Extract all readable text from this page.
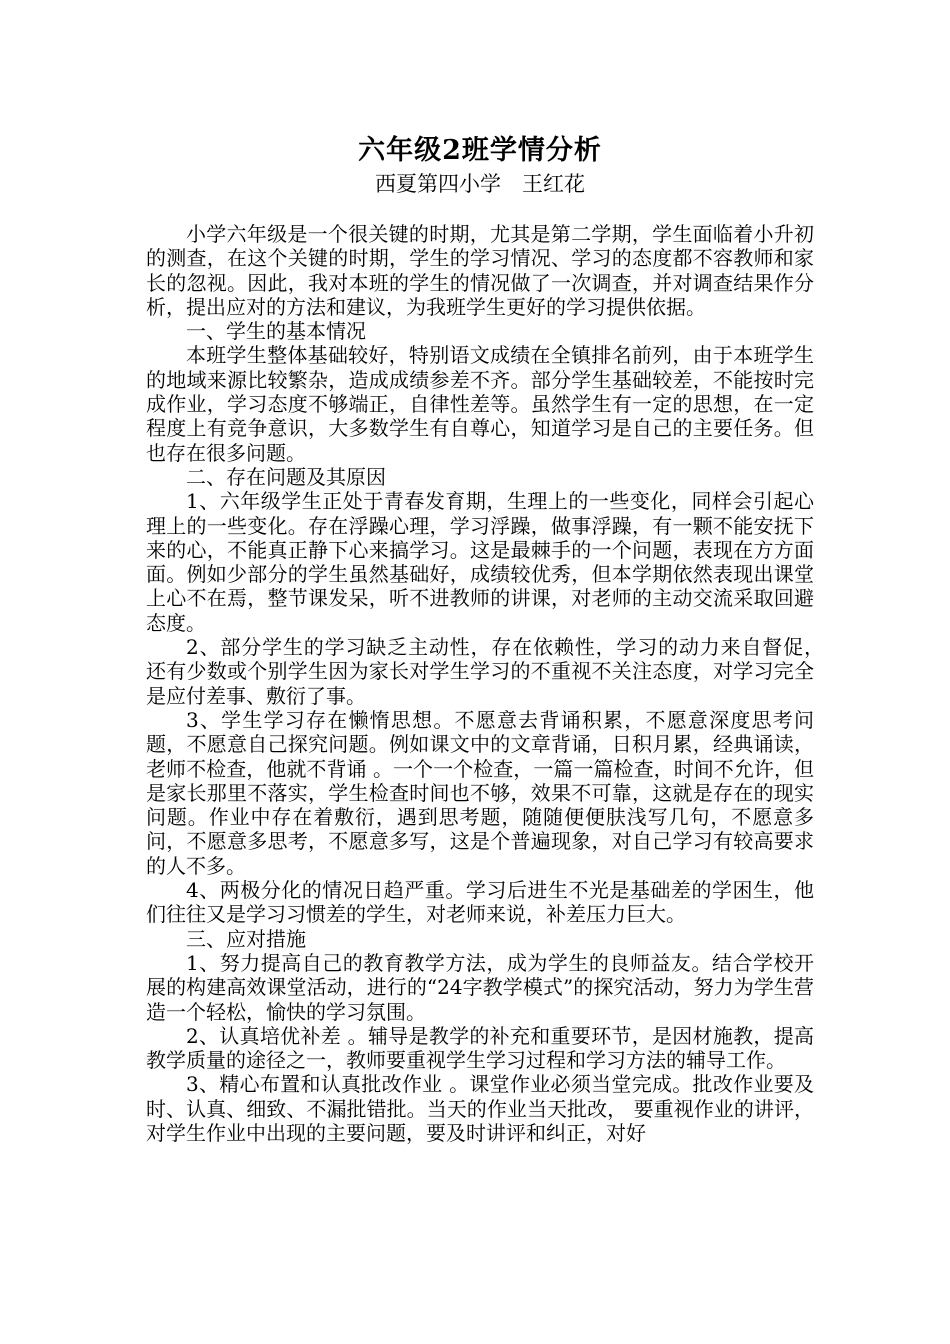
六年级2班学情分析
西夏第四小学　王红花

小学六年级是一个很关键的时期，尤其是第二学期，学生面临着小升初的测查，在这个关键的时期，学生的学习情况、学习的态度都不容教师和家长的忽视。因此，我对本班的学生的情况做了一次调查，并对调查结果作分析，提出应对的方法和建议，为我班学生更好的学习提供依据。

一、学生的基本情况

本班学生整体基础较好，特别语文成绩在全镇排名前列，由于本班学生的地域来源比较繁杂，造成成绩参差不齐。部分学生基础较差，不能按时完成作业，学习态度不够端正，自律性差等。虽然学生有一定的思想，在一定程度上有竞争意识，大多数学生有自尊心，知道学习是自己的主要任务。但也存在很多问题。

二、存在问题及其原因

1、六年级学生正处于青春发育期，生理上的一些变化，同样会引起心理上的一些变化。存在浮躁心理，学习浮躁，做事浮躁，有一颗不能安抚下来的心，不能真正静下心来搞学习。这是最棘手的一个问题，表现在方方面面。例如少部分的学生虽然基础好，成绩较优秀，但本学期依然表现出课堂上心不在焉，整节课发呆，听不进教师的讲课，对老师的主动交流采取回避态度。

2、部分学生的学习缺乏主动性，存在依赖性，学习的动力来自督促，　还有少数或个别学生因为家长对学生学习的不重视不关注态度，对学习完全是应付差事、敷衍了事。

3、学生学习存在懒惰思想。不愿意去背诵积累，不愿意深度思考问题，不愿意自己探究问题。例如课文中的文章背诵，日积月累，经典诵读，老师不检查，他就不背诵 。一个一个检查，一篇一篇检查，时间不允许，但是家长那里不落实，学生检查时间也不够，效果不可靠，这就是存在的现实问题。作业中存在着敷衍，遇到思考题，随随便便肤浅写几句，不愿意多问，不愿意多思考，不愿意多写，这是个普遍现象，对自己学习有较高要求的人不多。

4、两极分化的情况日趋严重。学习后进生不光是基础差的学困生，他们往往又是学习习惯差的学生，对老师来说，补差压力巨大。

三、应对措施

1、努力提高自己的教育教学方法，成为学生的良师益友。结合学校开展的构建高效课堂活动，进行的“24字教学模式”的探究活动，努力为学生营造一个轻松，愉快的学习氛围。

2、认真培优补差 。辅导是教学的补充和重要环节，是因材施教，提高教学质量的途径之一，教师要重视学生学习过程和学习方法的辅导工作。

3、精心布置和认真批改作业 。课堂作业必须当堂完成。批改作业要及时、认真、细致、不漏批错批。当天的作业当天批改， 要重视作业的讲评，对学生作业中出现的主要问题，要及时讲评和纠正，对好
